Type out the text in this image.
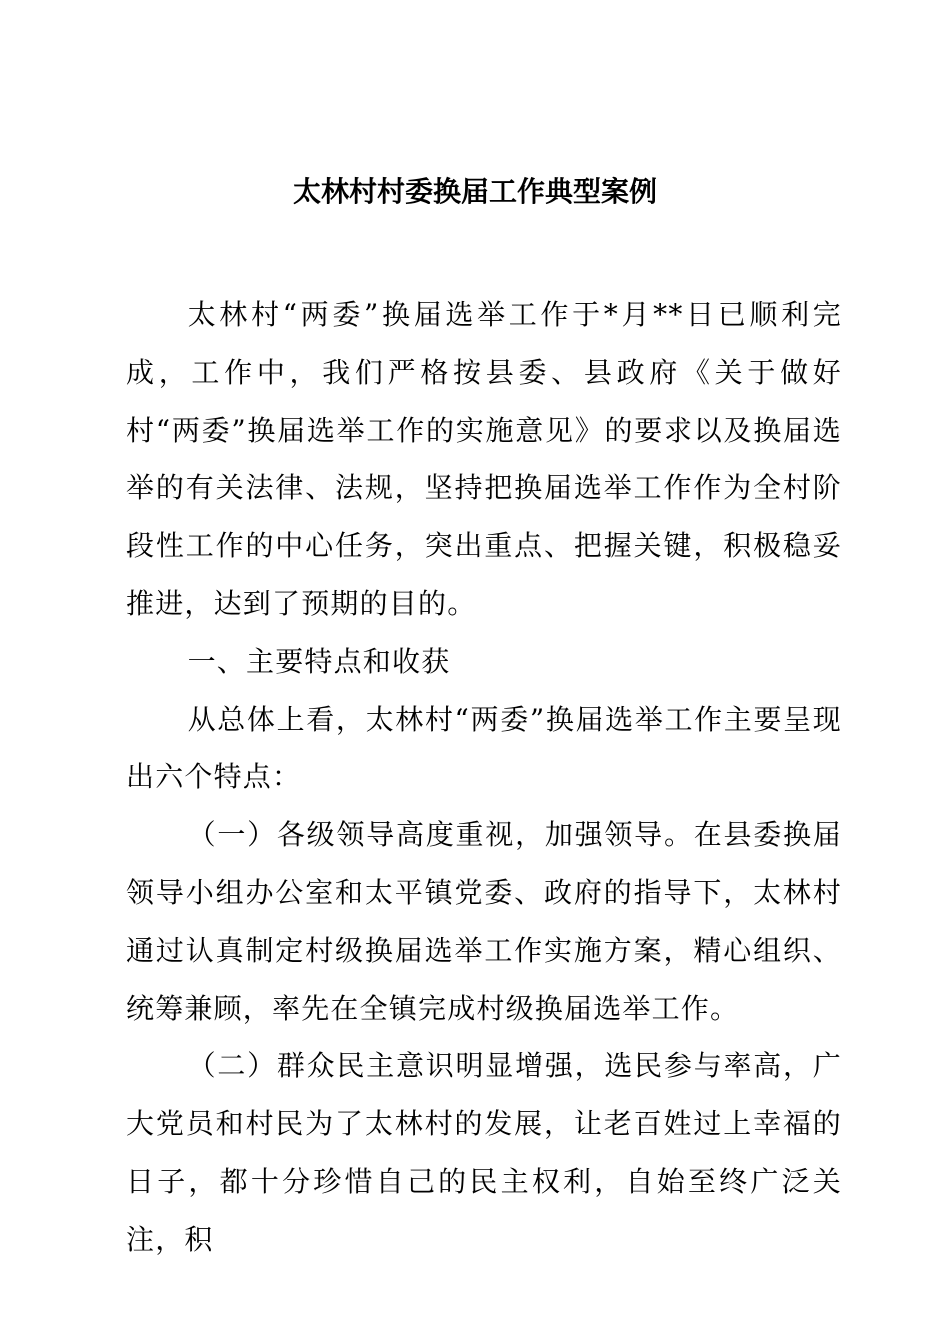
太林村村委换届工作典型案例

太林村“两委”换届选举工作于*月**日已顺利完成，工作中，我们严格按县委、县政府《关于做好村“两委”换届选举工作的实施意见》的要求以及换届选举的有关法律、法规，坚持把换届选举工作作为全村阶段性工作的中心任务，突出重点、把握关键，积极稳妥推进，达到了预期的目的。

一、主要特点和收获

从总体上看，太林村“两委”换届选举工作主要呈现出六个特点：

（一）各级领导高度重视，加强领导。在县委换届领导小组办公室和太平镇党委、政府的指导下，太林村通过认真制定村级换届选举工作实施方案，精心组织、统筹兼顾，率先在全镇完成村级换届选举工作。

（二）群众民主意识明显增强，选民参与率高，广大党员和村民为了太林村的发展，让老百姓过上幸福的日子，都十分珍惜自己的民主权利，自始至终广泛关注，积
